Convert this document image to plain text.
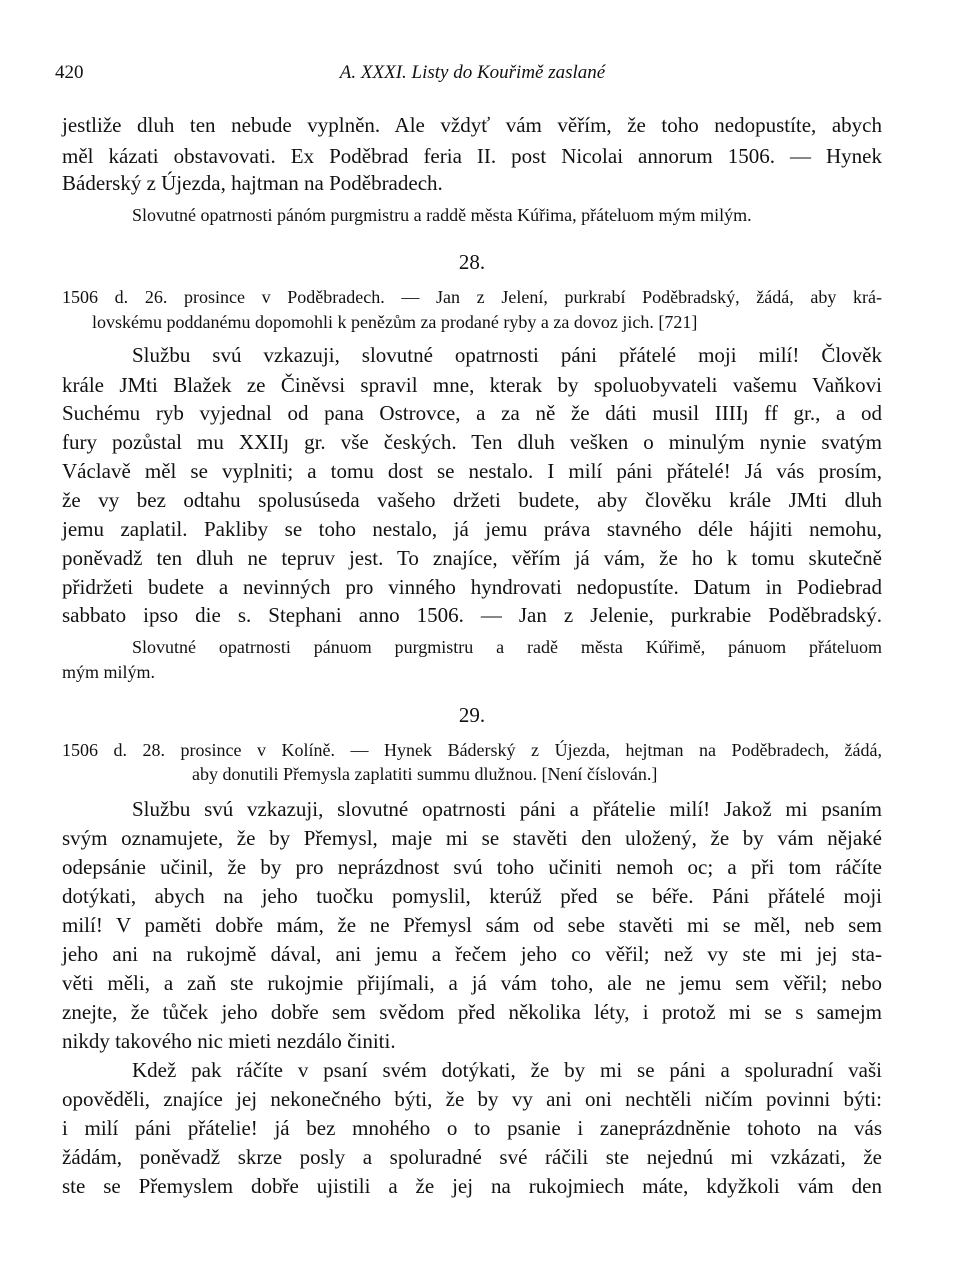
420	A. XXXI. Listy do Kouřimě zaslané
jestliže dluh ten nebude vyplněn. Ale vždyť vám věřím, že toho nedopustíte, abych
měl kázati obstavovati. Ex Poděbrad feria II. post Nicolai annorum 1506. — Hynek
Báderský z Újezda, hajtman na Poděbradech.
Slovutné opatrnosti pánóm purgmistru a raddě města Kúřima, přáteluom mým milým.
28.
1506 d. 26. prosince v Poděbradech. — Jan z Jelení, purkrabí Poděbradský, žádá, aby krá-
lovskému poddanému dopomohli k penězům za prodané ryby a za dovoz jich. [721]
Službu svú vzkazuji, slovutné opatrnosti páni přátelé moji milí! Člověk
krále JMti Blažek ze Činěvsi spravil mne, kterak by spoluobyvateli vašemu Vaňkovi
Suchému ryb vyjednal od pana Ostrovce, a za ně že dáti musil IIIIȷ ff gr., a od
fury pozůstal mu XXIIȷ gr. vše českých. Ten dluh vešken o minulým nynie svatým
Václavě měl se vyplniti; a tomu dost se nestalo. I milí páni přátelé! Já vás prosím,
že vy bez odtahu spolusúseda vašeho držeti budete, aby člověku krále JMti dluh
jemu zaplatil. Pakliby se toho nestalo, já jemu práva stavného déle hájiti nemohu,
poněvadž ten dluh ne tepruv jest. To znajíce, věřím já vám, že ho k tomu skutečně
přidržeti budete a nevinných pro vinného hyndrovati nedopustíte. Datum in Podiebrad
sabbato ipso die s. Stephani anno 1506. — Jan z Jelenie, purkrabie Poděbradský.
Slovutné opatrnosti pánuom purgmistru a radě města Kúřimě, pánuom přáteluom
mým milým.
29.
1506 d. 28. prosince v Kolíně. — Hynek Báderský z Újezda, hejtman na Poděbradech, žádá,
aby donutili Přemysla zaplatiti summu dlužnou. [Není číslován.]
Službu svú vzkazuji, slovutné opatrnosti páni a přátelie milí! Jakož mi psaním
svým oznamujete, že by Přemysl, maje mi se stavěti den uložený, že by vám nějaké
odepsánie učinil, že by pro neprázdnost svú toho učiniti nemoh oc; a při tom ráčíte
dotýkati, abych na jeho tuočku pomyslil, kterúž před se béře. Páni přátelé moji
milí! V paměti dobře mám, že ne Přemysl sám od sebe stavěti mi se měl, neb sem
jeho ani na rukojmě dával, ani jemu a řečem jeho co věřil; než vy ste mi jej sta-
věti měli, a zaň ste rukojmie přijímali, a já vám toho, ale ne jemu sem věřil; nebo
znejte, že tůček jeho dobře sem svědom před několika léty, i protož mi se s samejm
nikdy takového nic mieti nezdálo činiti.
Kdež pak ráčíte v psaní svém dotýkati, že by mi se páni a spoluradní vaši
opověděli, znajíce jej nekonečného býti, že by vy ani oni nechtěli ničím povinni býti:
i milí páni přátelie! já bez mnohého o to psanie i zaneprázdněnie tohoto na vás
žádám, poněvadž skrze posly a spoluradné své ráčili ste nejednú mi vzkázati, že
ste se Přemyslem dobře ujistili a že jej na rukojmiech máte, kdyžkoli vám den
